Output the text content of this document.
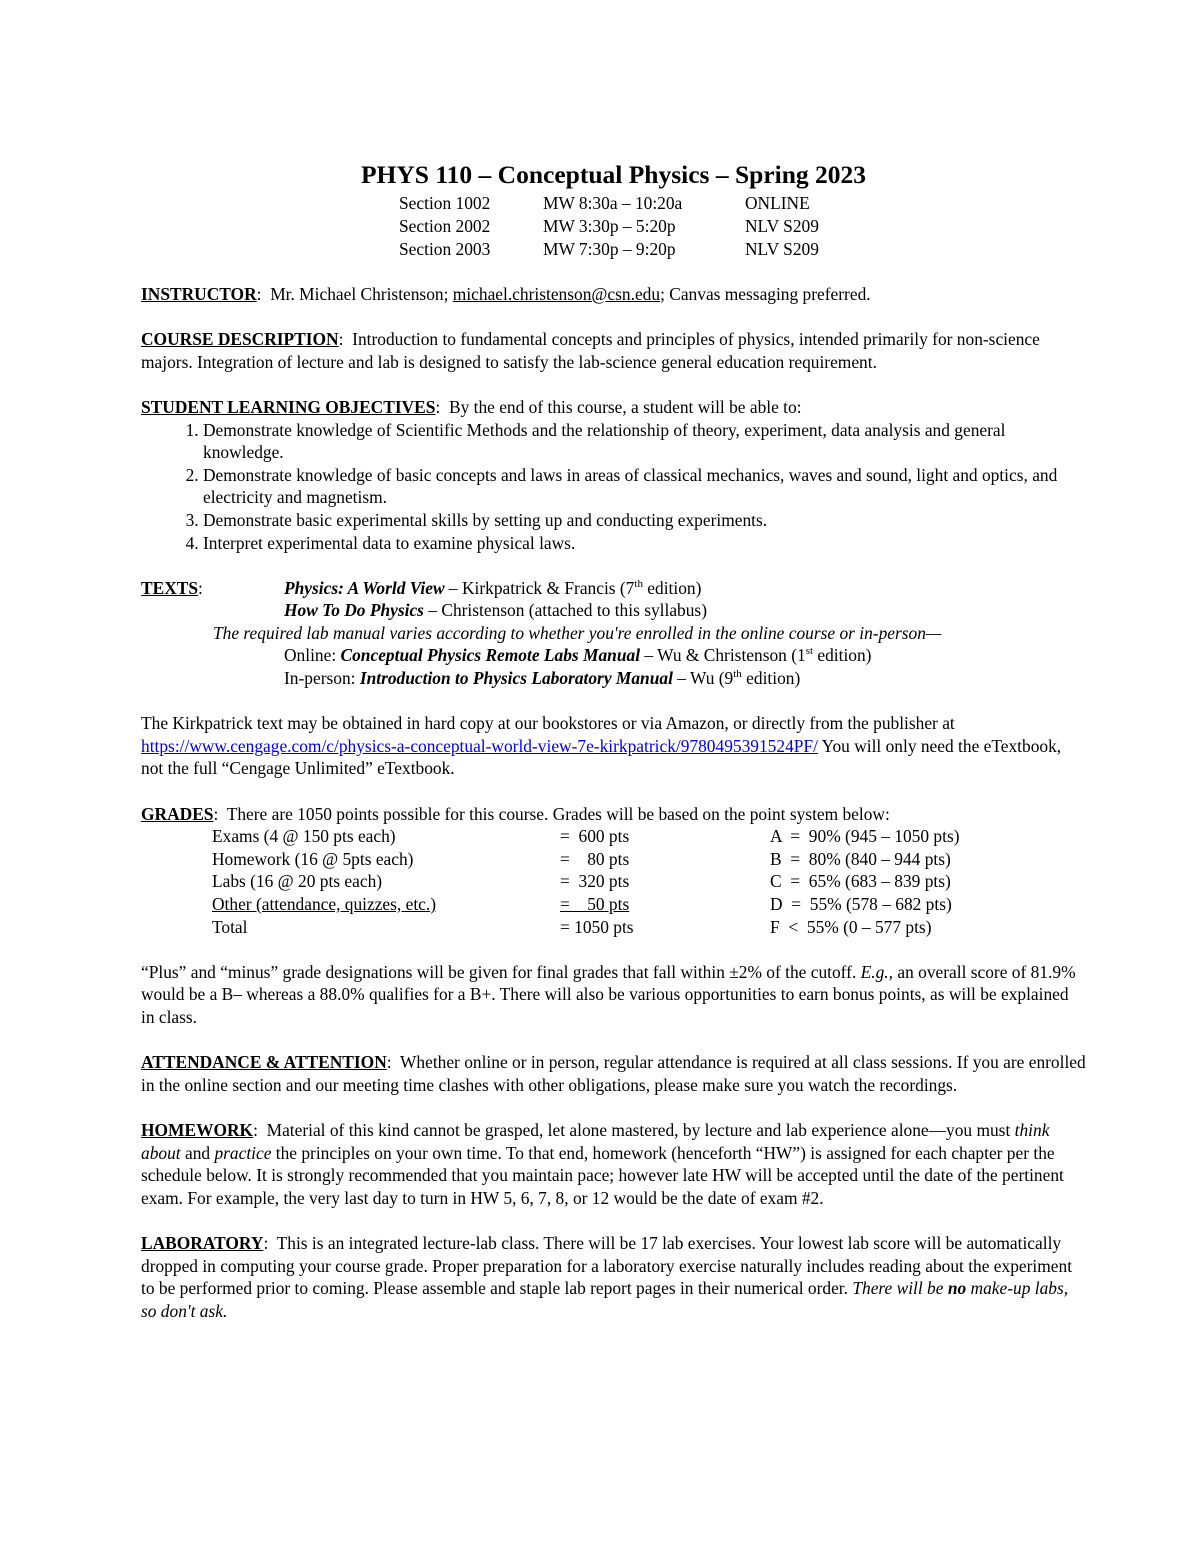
PHYS 110 – Conceptual Physics – Spring 2023
Section 1002	MW 8:30a – 10:20a	ONLINE
Section 2002	MW 3:30p – 5:20p	NLV S209
Section 2003	MW 7:30p – 9:20p	NLV S209
INSTRUCTOR:  Mr. Michael Christenson; michael.christenson@csn.edu; Canvas messaging preferred.
COURSE DESCRIPTION:  Introduction to fundamental concepts and principles of physics, intended primarily for non-science majors. Integration of lecture and lab is designed to satisfy the lab-science general education requirement.
STUDENT LEARNING OBJECTIVES:  By the end of this course, a student will be able to:
1. Demonstrate knowledge of Scientific Methods and the relationship of theory, experiment, data analysis and general knowledge.
2. Demonstrate knowledge of basic concepts and laws in areas of classical mechanics, waves and sound, light and optics, and electricity and magnetism.
3. Demonstrate basic experimental skills by setting up and conducting experiments.
4. Interpret experimental data to examine physical laws.
TEXTS:	Physics: A World View – Kirkpatrick & Francis (7th edition)
How To Do Physics – Christenson (attached to this syllabus)
The required lab manual varies according to whether you're enrolled in the online course or in-person—
Online: Conceptual Physics Remote Labs Manual – Wu & Christenson (1st edition)
In-person: Introduction to Physics Laboratory Manual – Wu (9th edition)
The Kirkpatrick text may be obtained in hard copy at our bookstores or via Amazon, or directly from the publisher at https://www.cengage.com/c/physics-a-conceptual-world-view-7e-kirkpatrick/9780495391524PF/ You will only need the eTextbook, not the full “Cengage Unlimited” eTextbook.
GRADES:  There are 1050 points possible for this course. Grades will be based on the point system below:
Exams (4 @ 150 pts each)	=  600 pts	A  =  90% (945 – 1050 pts)
Homework (16 @ 5pts each)	=    80 pts	B  =  80% (840 – 944 pts)
Labs (16 @ 20 pts each)	=  320 pts	C  =  65% (683 – 839 pts)
Other (attendance, quizzes, etc.)	=    50 pts	D  =  55% (578 – 682 pts)
Total	= 1050 pts	F  <  55% (0 – 577 pts)
“Plus” and “minus” grade designations will be given for final grades that fall within ±2% of the cutoff. E.g., an overall score of 81.9% would be a B– whereas a 88.0% qualifies for a B+. There will also be various opportunities to earn bonus points, as will be explained in class.
ATTENDANCE & ATTENTION:  Whether online or in person, regular attendance is required at all class sessions. If you are enrolled in the online section and our meeting time clashes with other obligations, please make sure you watch the recordings.
HOMEWORK:  Material of this kind cannot be grasped, let alone mastered, by lecture and lab experience alone—you must think about and practice the principles on your own time. To that end, homework (henceforth “HW”) is assigned for each chapter per the schedule below. It is strongly recommended that you maintain pace; however late HW will be accepted until the date of the pertinent exam. For example, the very last day to turn in HW 5, 6, 7, 8, or 12 would be the date of exam #2.
LABORATORY:  This is an integrated lecture-lab class. There will be 17 lab exercises. Your lowest lab score will be automatically dropped in computing your course grade. Proper preparation for a laboratory exercise naturally includes reading about the experiment to be performed prior to coming. Please assemble and staple lab report pages in their numerical order. There will be no make-up labs, so don't ask.
